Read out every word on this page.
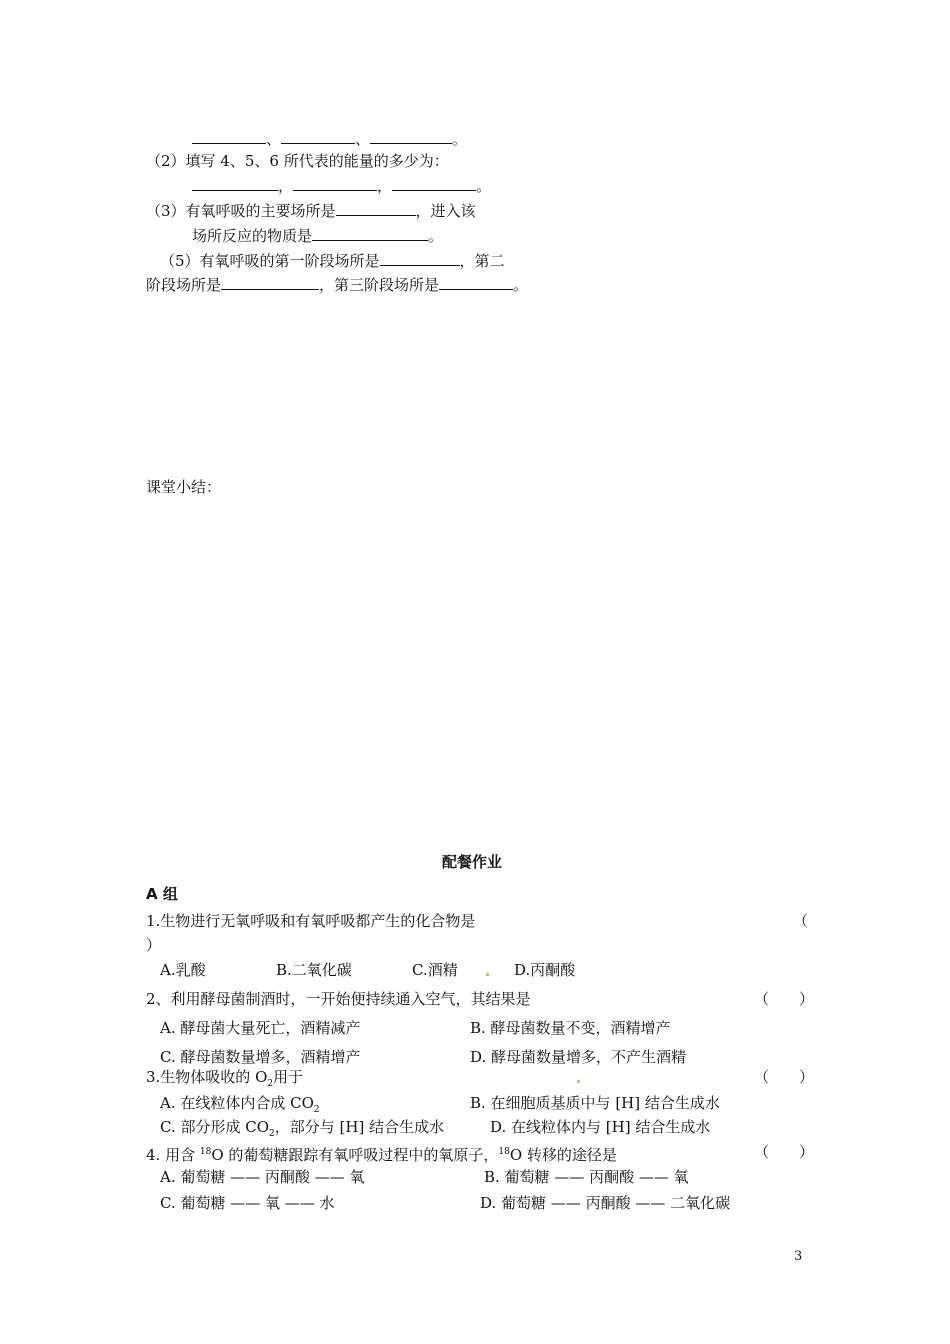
、	、	。
（2）填写 4、5、6 所代表的能量的多少为：
，	，	。
（3）有氧呼吸的主要场所是	，进入该
场所反应的物质是	。
（5）有氧呼吸的第一阶段场所是	，第二
阶段场所是	，第三阶段场所是	。
课堂小结：
配餐作业
A 组
1.生物进行无氧呼吸和有氧呼吸都产生的化合物是	（
）
A.乳酸	B.二氧化碳	C.酒精	D.丙酮酸
2、利用酵母菌制酒时，一开始便持续通入空气，其结果是	（　　）
A. 酵母菌大量死亡，酒精减产	B. 酵母菌数量不变，酒精增产
C. 酵母菌数量增多，酒精增产	D. 酵母菌数量增多，不产生酒精
3.生物体吸收的 $O_2$用于	（　　）
A. 在线粒体内合成 $CO_2$	B. 在细胞质基质中与 [H] 结合生成水
C. 部分形成 $CO_2$，部分与 [H] 结合生成水	D. 在线粒体内与 [H] 结合生成水
4. 用含 $^{18}$O 的葡萄糖跟踪有氧呼吸过程中的氧原子，$^{18}$O 转移的途径是	（　　）
A. 葡萄糖 —— 丙酮酸 —— 氧	B. 葡萄糖 —— 丙酮酸 —— 氧
C. 葡萄糖 —— 氧 —— 水	D. 葡萄糖 —— 丙酮酸 —— 二氧化碳
3
